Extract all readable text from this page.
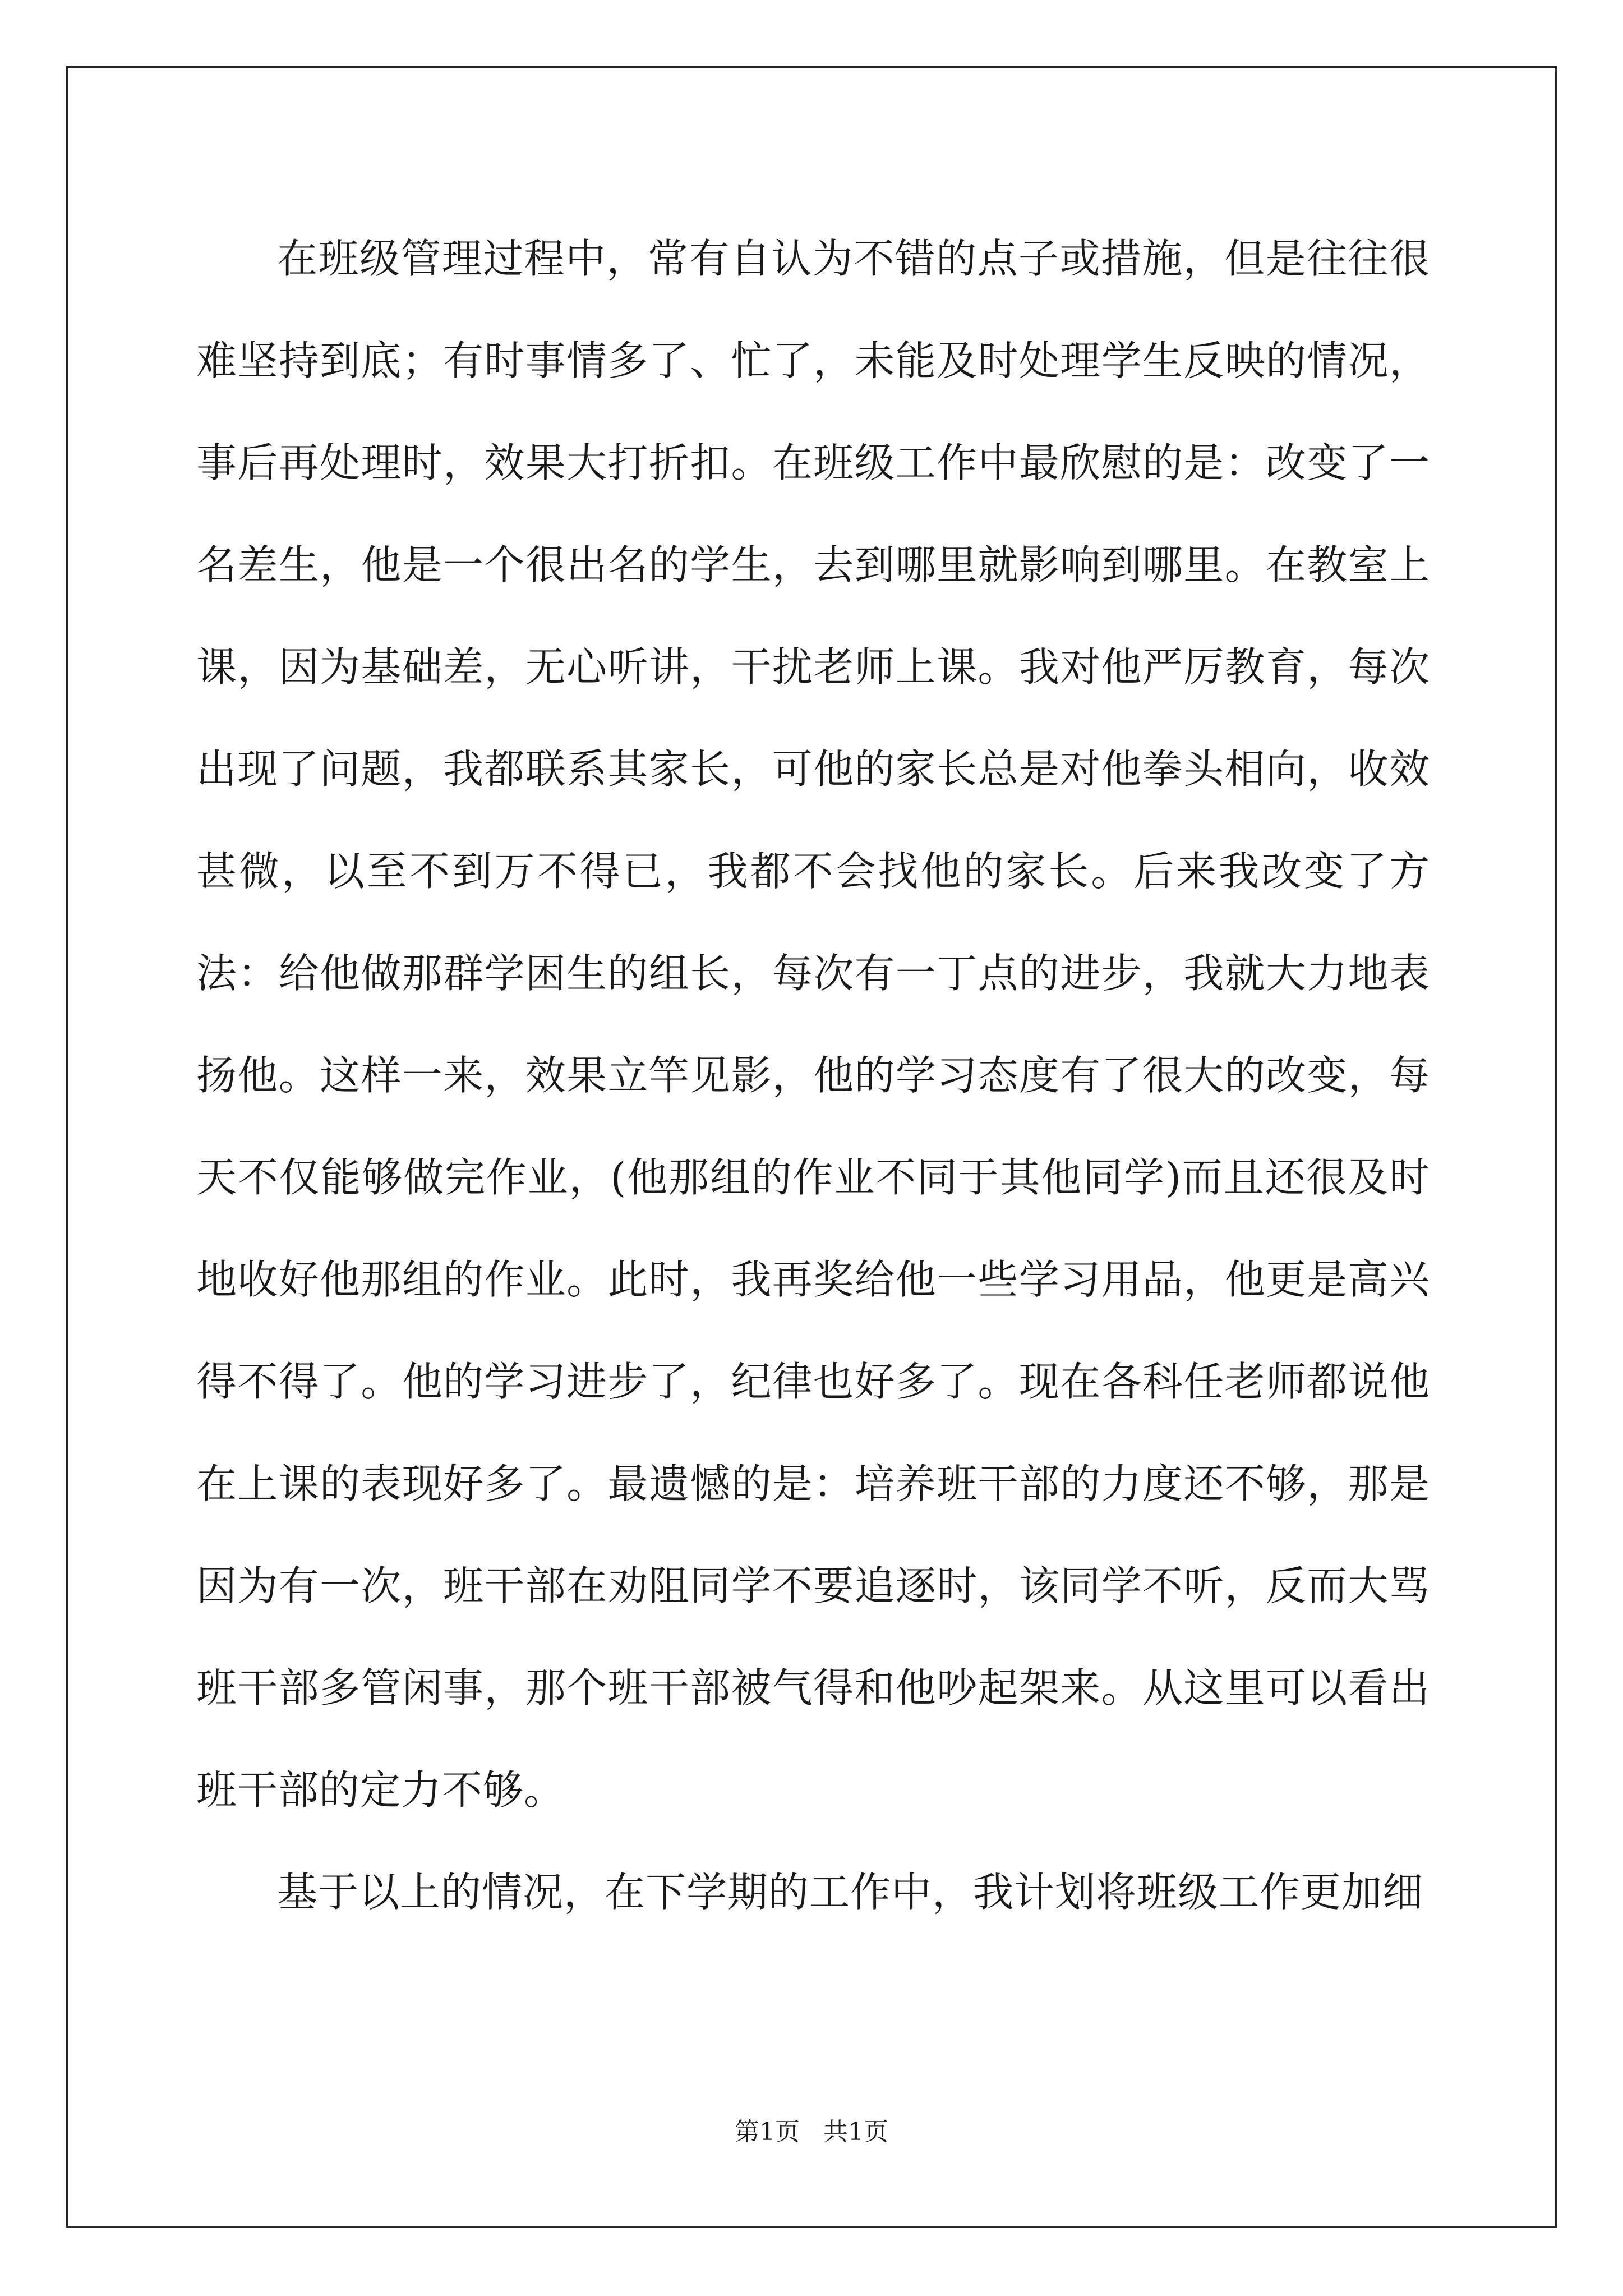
在班级管理过程中，常有自认为不错的点子或措施，但是往往很难坚持到底；有时事情多了、忙了，未能及时处理学生反映的情况，事后再处理时，效果大打折扣。在班级工作中最欣慰的是：改变了一名差生，他是一个很出名的学生，去到哪里就影响到哪里。在教室上课，因为基础差，无心听讲，干扰老师上课。我对他严厉教育，每次出现了问题，我都联系其家长，可他的家长总是对他拳头相向，收效甚微，以至不到万不得已，我都不会找他的家长。后来我改变了方法：给他做那群学困生的组长，每次有一丁点的进步，我就大力地表扬他。这样一来，效果立竿见影，他的学习态度有了很大的改变，每天不仅能够做完作业，(他那组的作业不同于其他同学)而且还很及时地收好他那组的作业。此时，我再奖给他一些学习用品，他更是高兴得不得了。他的学习进步了，纪律也好多了。现在各科任老师都说他在上课的表现好多了。最遗憾的是：培养班干部的力度还不够，那是因为有一次，班干部在劝阻同学不要追逐时，该同学不听，反而大骂班干部多管闲事，那个班干部被气得和他吵起架来。从这里可以看出班干部的定力不够。

基于以上的情况，在下学期的工作中，我计划将班级工作更加细

第1页   共1页
